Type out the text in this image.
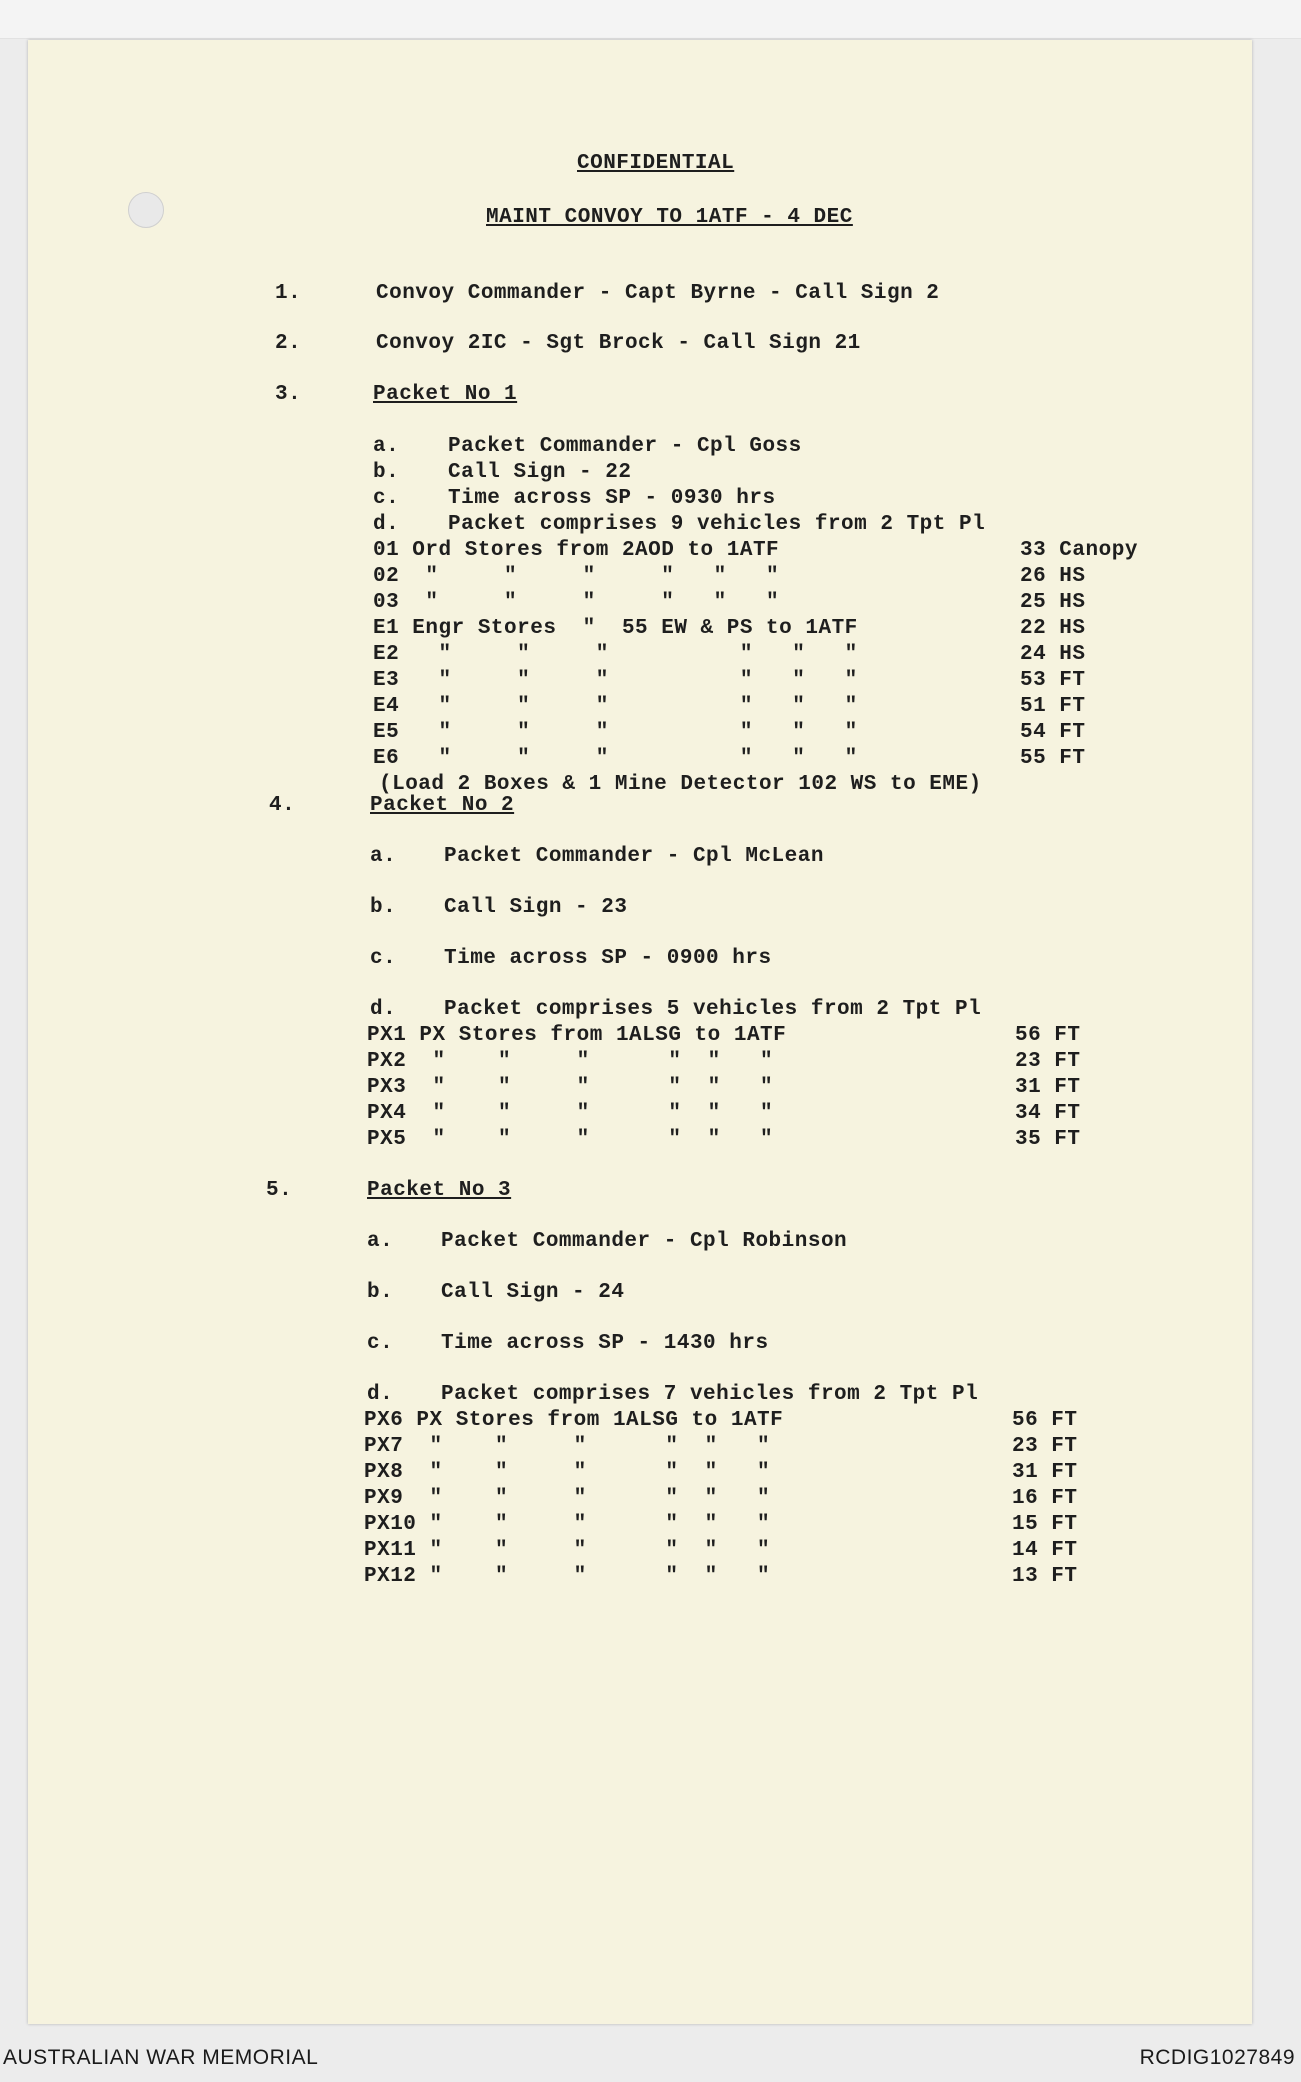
CONFIDENTIAL
MAINT CONVOY TO 1ATF - 4 DEC
1.	Convoy Commander - Capt Byrne - Call Sign 2
2.	Convoy 2IC - Sgt Brock - Call Sign 21
3.	Packet No 1
a. Packet Commander - Cpl Goss
b. Call Sign - 22
c. Time across SP - 0930 hrs
d. Packet comprises 9 vehicles from 2 Tpt Pl
01 Ord Stores from 2AOD to 1ATF	33 Canopy
02  "     "     "     "   "   "	26 HS
03  "     "     "     "   "   "	25 HS
E1 Engr Stores  "  55 EW & PS to 1ATF	22 HS
E2   "     "     "          "   "   "	24 HS
E3   "     "     "          "   "   "	53 FT
E4   "     "     "          "   "   "	51 FT
E5   "     "     "          "   "   "	54 FT
E6   "     "     "          "   "   "	55 FT
(Load 2 Boxes & 1 Mine Detector 102 WS to EME)
4.	Packet No 2
a. Packet Commander - Cpl McLean
b. Call Sign - 23
c. Time across SP - 0900 hrs
d. Packet comprises 5 vehicles from 2 Tpt Pl
PX1 PX Stores from 1ALSG to 1ATF	56 FT
PX2  "    "     "      "  "   "	23 FT
PX3  "    "     "      "  "   "	31 FT
PX4  "    "     "      "  "   "	34 FT
PX5  "    "     "      "  "   "	35 FT
5.	Packet No 3
a. Packet Commander - Cpl Robinson
b. Call Sign - 24
c. Time across SP - 1430 hrs
d. Packet comprises 7 vehicles from 2 Tpt Pl
PX6 PX Stores from 1ALSG to 1ATF	56 FT
PX7  "    "     "      "  "   "	23 FT
PX8  "    "     "      "  "   "	31 FT
PX9  "    "     "      "  "   "	16 FT
PX10 "    "     "      "  "   "	15 FT
PX11 "    "     "      "  "   "	14 FT
PX12 "    "     "      "  "   "	13 FT
AUSTRALIAN WAR MEMORIAL	RCDIG1027849
